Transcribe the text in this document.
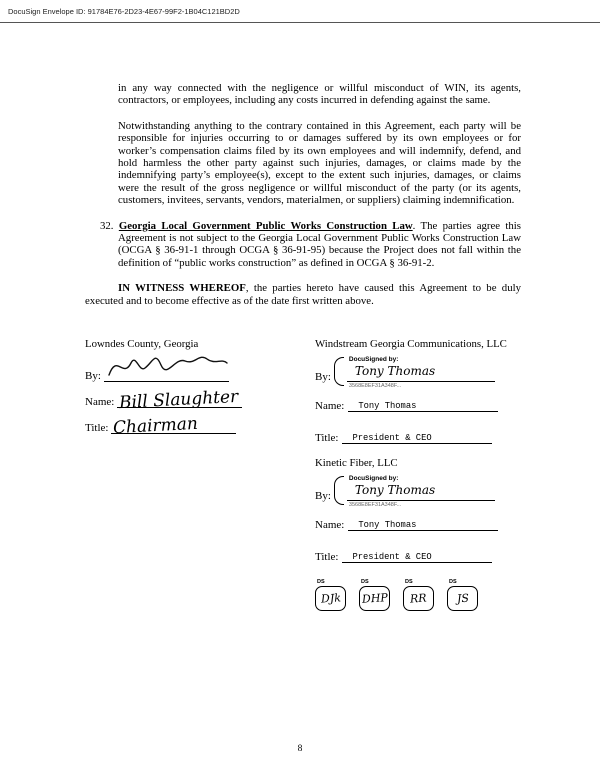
DocuSign Envelope ID: 91784E76-2D23-4E67-99F2-1B04C121BD2D

in any way connected with the negligence or willful misconduct of WIN, its agents, contractors, or employees, including any costs incurred in defending against the same.

Notwithstanding anything to the contrary contained in this Agreement, each party will be responsible for injuries occurring to or damages suffered by its own employees or for worker’s compensation claims filed by its own employees and will indemnify, defend, and hold harmless the other party against such injuries, damages, or claims made by the indemnifying party’s employee(s), except to the extent such injuries, damages, or claims were the result of the gross negligence or willful misconduct of the party (or its agents, customers, invitees, servants, vendors, materialmen, or suppliers) claiming indemnification.

32. Georgia Local Government Public Works Construction Law. The parties agree this Agreement is not subject to the Georgia Local Government Public Works Construction Law (OCGA § 36-91-1 through OCGA § 36-91-95) because the Project does not fall within the definition of “public works construction” as defined in OCGA § 36-91-2.

IN WITNESS WHEREOF, the parties hereto have caused this Agreement to be duly executed and to become effective as of the date first written above.

Lowndes County, Georgia
By:
Name: Bill Slaughter
Title: Chairman
Windstream Georgia Communications, LLC
By:
DocuSigned by:
Tony Thomas
3568E8EF31A348F...
Name: Tony Thomas
Title: President & CEO
Kinetic Fiber, LLC
By:
DocuSigned by:
Tony Thomas
3568E8EF31A348F...
Name: Tony Thomas
Title: President & CEO
DS
DJk
DS
DHP
DS
RR
DS
JS
8
